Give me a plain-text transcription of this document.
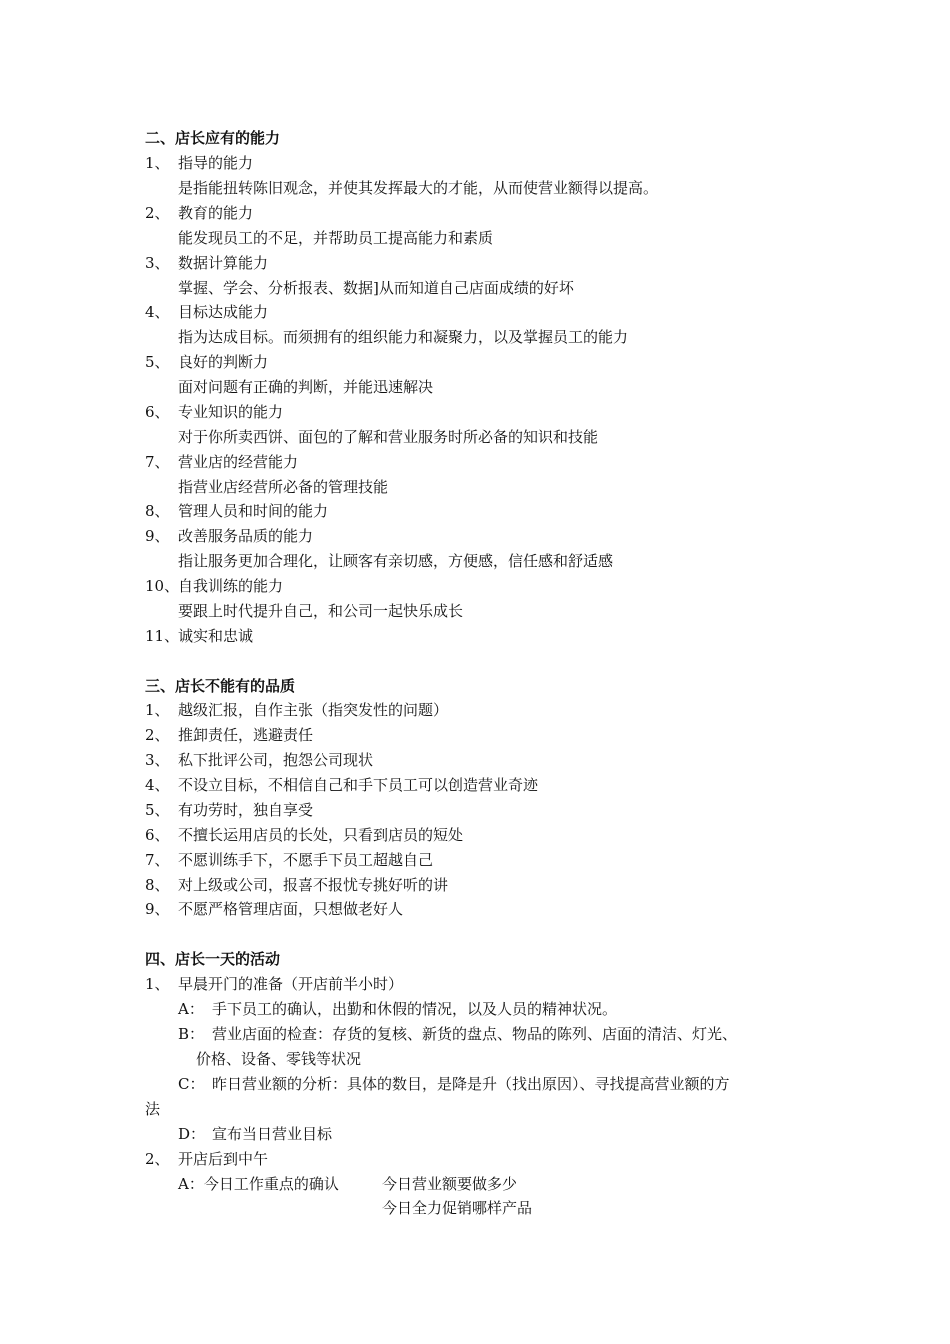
二、店长应有的能力
1、 指导的能力
是指能扭转陈旧观念，并使其发挥最大的才能，从而使营业额得以提高。
2、 教育的能力
能发现员工的不足，并帮助员工提高能力和素质
3、 数据计算能力
掌握、学会、分析报表、数据]从而知道自己店面成绩的好坏
4、 目标达成能力
指为达成目标。而须拥有的组织能力和凝聚力，以及掌握员工的能力
5、 良好的判断力
面对问题有正确的判断，并能迅速解决
6、 专业知识的能力
对于你所卖西饼、面包的了解和营业服务时所必备的知识和技能
7、 营业店的经营能力
指营业店经营所必备的管理技能
8、 管理人员和时间的能力
9、 改善服务品质的能力
指让服务更加合理化，让顾客有亲切感，方便感，信任感和舒适感
10、
自我训练的能力
要跟上时代提升自己，和公司一起快乐成长
11、
诚实和忠诚
三、店长不能有的品质
1、 越级汇报，自作主张（指突发性的问题）
2、 推卸责任，逃避责任
3、 私下批评公司，抱怨公司现状
4、 不设立目标，不相信自己和手下员工可以创造营业奇迹
5、 有功劳时，独自享受
6、 不擅长运用店员的长处，只看到店员的短处
7、 不愿训练手下，不愿手下员工超越自己
8、 对上级或公司，报喜不报忧专挑好听的讲
9、 不愿严格管理店面，只想做老好人
四、店长一天的活动
1、 早晨开门的准备（开店前半小时）
A： 手下员工的确认，出勤和休假的情况，以及人员的精神状况。
B： 营业店面的检查：存货的复核、新货的盘点、物品的陈列、店面的清洁、灯光、
价格、设备、零钱等状况
C： 昨日营业额的分析：具体的数目，是降是升（找出原因）、寻找提高营业额的方
法
D： 宣布当日营业目标
2、 开店后到中午
A：今日工作重点的确认	今日营业额要做多少
今日全力促销哪样产品
